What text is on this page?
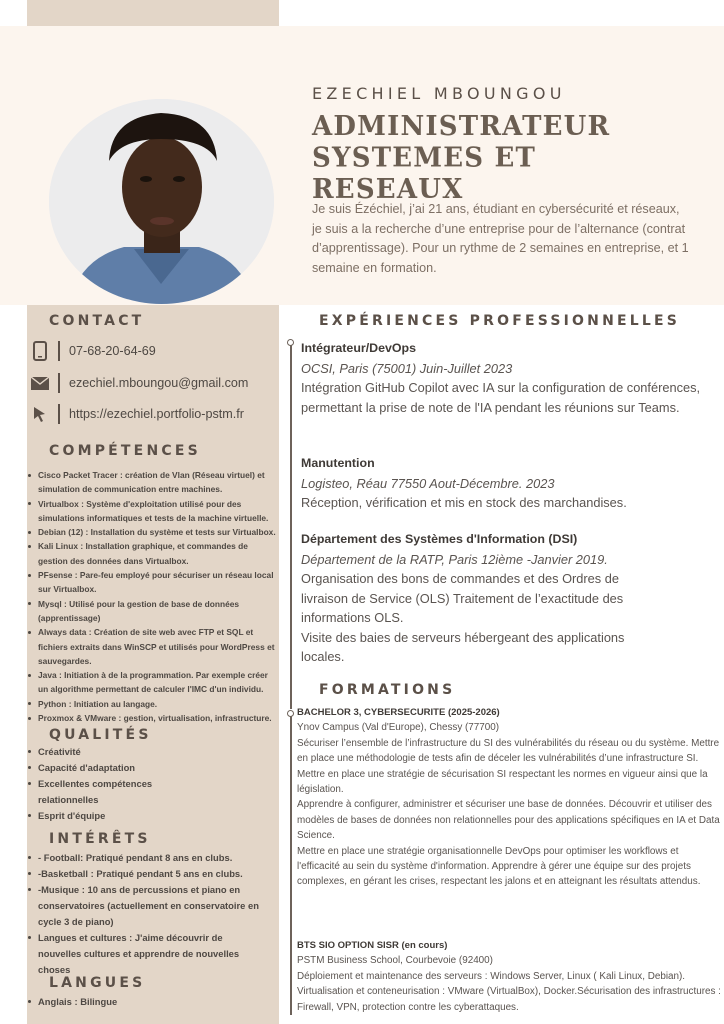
EZECHIEL MBOUNGOU
ADMINISTRATEUR
SYSTEMES ET
RESEAUX

Je suis Ézéchiel, j’ai 21 ans, étudiant en cybersécurité et réseaux, je suis a la recherche d’une entreprise pour de l’alternance (contrat d’apprentissage). Pour un rythme de 2 semaines en entreprise, et 1 semaine en formation.

CONTACT
07-68-20-64-69
ezechiel.mboungou@gmail.com
https://ezechiel.portfolio-pstm.fr
COMPÉTENCES
Cisco Packet Tracer : création de Vlan (Réseau virtuel) et simulation de communication entre machines.
Virtualbox : Système d'exploitation utilisé pour des simulations informatiques et tests de la machine virtuelle.
Debian (12) : Installation du système et tests sur Virtualbox.
Kali Linux : Installation graphique, et commandes de gestion des données dans Virtualbox.
PFsense : Pare-feu employé pour sécuriser un réseau local sur Virtualbox.
Mysql : Utilisé pour la gestion de base de données (apprentissage)
Always data : Création de site web avec FTP et SQL et fichiers extraits dans WinSCP et utilisés pour WordPress et sauvegardes.
Java : Initiation à de la programmation. Par exemple créer un algorithme permettant de calculer l'IMC d'un individu.
Python : Initiation au langage.
Proxmox & VMware : gestion, virtualisation, infrastructure.
QUALITÉS
Créativité
Capacité d'adaptation
Excellentes compétences relationnelles
Esprit d'équipe
INTÉRÊTS
- Football: Pratiqué pendant 8 ans en clubs.
-Basketball : Pratiqué pendant 5 ans en clubs.
-Musique : 10 ans de percussions et piano en conservatoires (actuellement en conservatoire en cycle 3 de piano)
Langues et cultures : J'aime découvrir de nouvelles cultures et apprendre de nouvelles choses
LANGUES
Anglais : Bilingue
EXPÉRIENCES PROFESSIONNELLES
Intégrateur/DevOps
OCSI, Paris (75001) Juin-Juillet 2023
Intégration GitHub Copilot avec IA sur la configuration de conférences, permettant la prise de note de l'IA pendant les réunions sur Teams.
Manutention
Logisteo, Réau 77550 Aout-Décembre. 2023
Réception, vérification et mis en stock des marchandises.
Département des Systèmes d'Information (DSI)
Département de la RATP, Paris 12ième -Janvier 2019.
Organisation des bons de commandes et des Ordres de livraison de Service (OLS) Traitement de l’exactitude des informations OLS.
Visite des baies de serveurs hébergeant des applications locales.
FORMATIONS
BACHELOR 3, CYBERSECURITE (2025-2026)
Ynov Campus (Val d'Europe), Chessy (77700)
Sécuriser l’ensemble de l’infrastructure du SI des vulnérabilités du réseau ou du système. Mettre en place une méthodologie de tests afin de déceler les vulnérabilités d’une infrastructure SI. Mettre en place une stratégie de sécurisation SI respectant les normes en vigueur ainsi que la législation.
Apprendre à configurer, administrer et sécuriser une base de données. Découvrir et utiliser des modèles de bases de données non relationnelles pour des applications spécifiques en IA et Data Science.
Mettre en place une stratégie organisationnelle DevOps pour optimiser les workflows et l'efficacité au sein du système d'information. Apprendre à gérer une équipe sur des projets complexes, en gérant les crises, respectant les jalons et en atteignant les résultats attendus.
BTS SIO OPTION SISR (en cours)
PSTM Business School, Courbevoie (92400)
Déploiement et maintenance des serveurs : Windows Server, Linux ( Kali Linux, Debian). Virtualisation et conteneurisation : VMware (VirtualBox), Docker.Sécurisation des infrastructures : Firewall, VPN, protection contre les cyberattaques.
